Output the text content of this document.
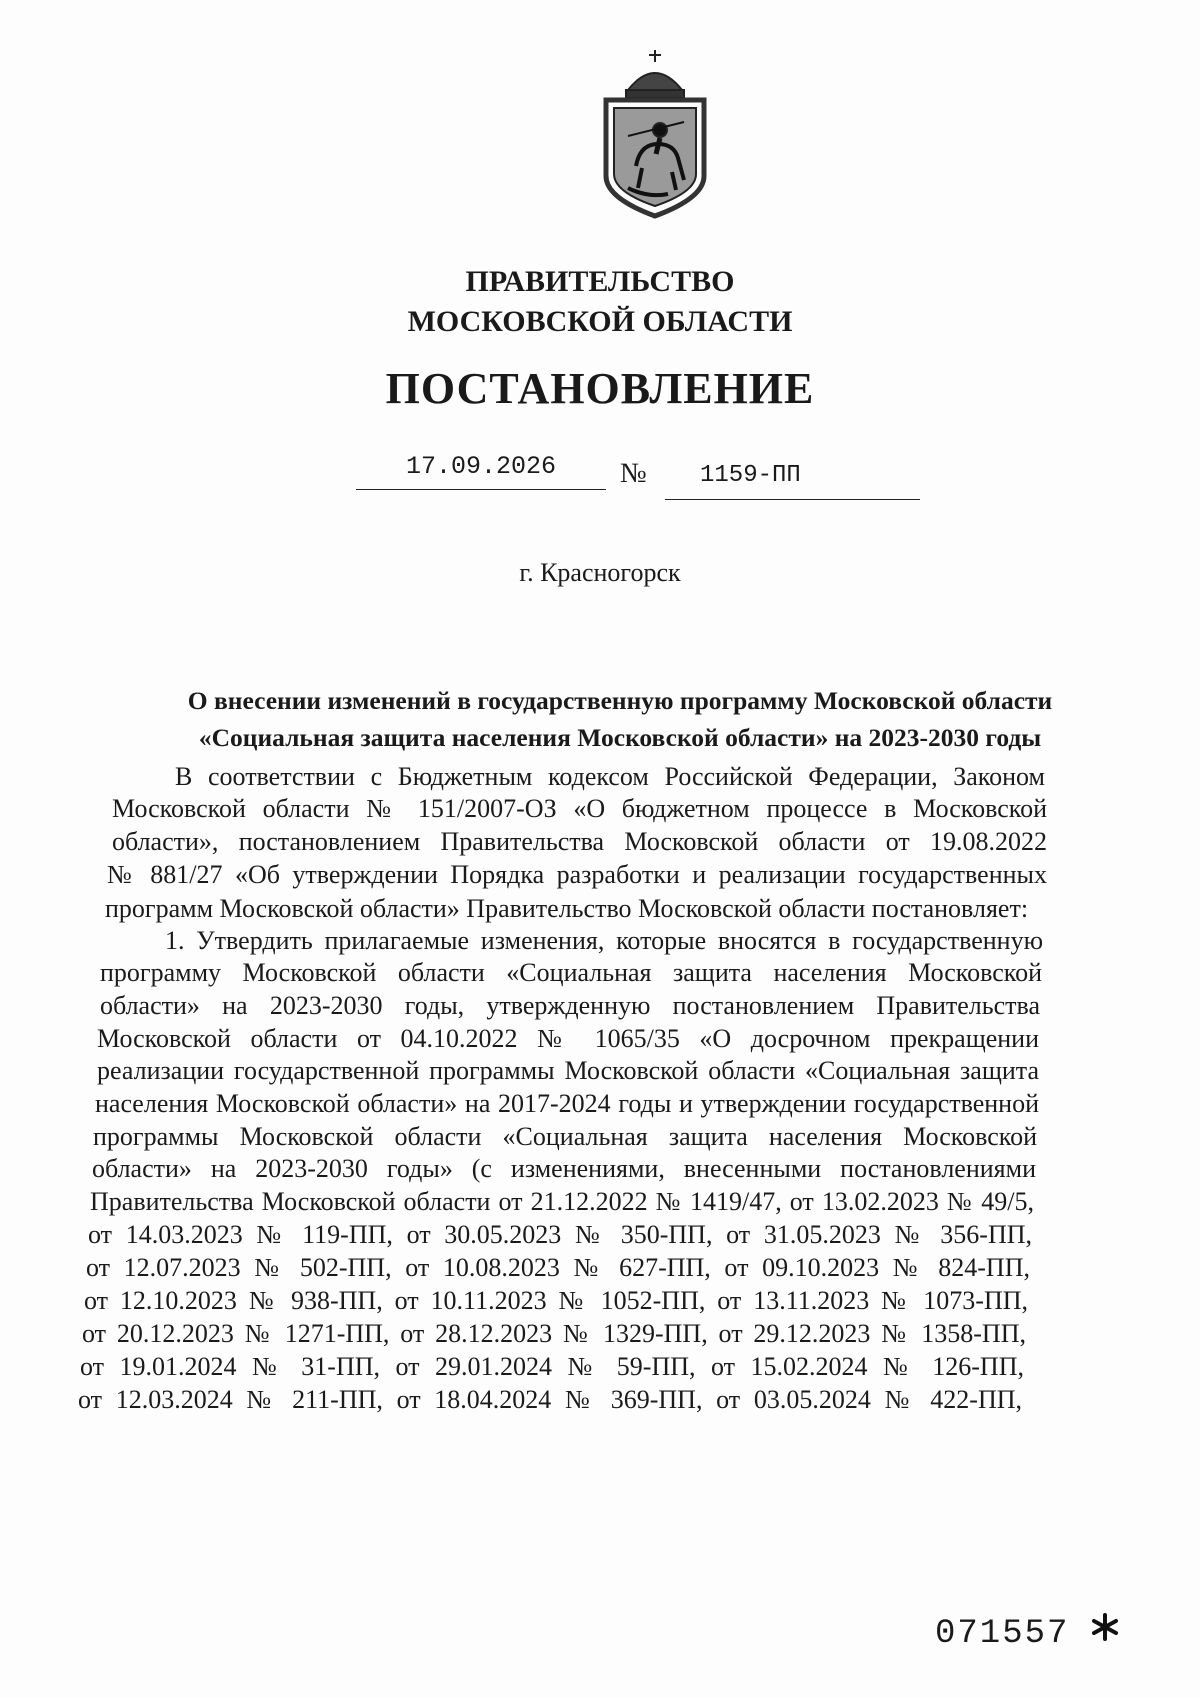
ПРАВИТЕЛЬСТВО
МОСКОВСКОЙ ОБЛАСТИ
ПОСТАНОВЛЕНИЕ
17.09.2026	№	1159-ПП
г. Красногорск
О внесении изменений в государственную программу Московской области
«Социальная защита населения Московской области» на 2023-2030 годы
В соответствии с Бюджетным кодексом Российской Федерации, Законом
Московской области № 151/2007-ОЗ «О бюджетном процессе в Московской
области», постановлением Правительства Московской области от 19.08.2022
№ 881/27 «Об утверждении Порядка разработки и реализации государственных
программ Московской области» Правительство Московской области постановляет:
1. Утвердить прилагаемые изменения, которые вносятся в государственную
программу Московской области «Социальная защита населения Московской
области» на 2023-2030 годы, утвержденную постановлением Правительства
Московской области от 04.10.2022 № 1065/35 «О досрочном прекращении
реализации государственной программы Московской области «Социальная защита
населения Московской области» на 2017-2024 годы и утверждении государственной
программы Московской области «Социальная защита населения Московской
области» на 2023-2030 годы» (с изменениями, внесенными постановлениями
Правительства Московской области от 21.12.2022 № 1419/47, от 13.02.2023 № 49/5,
от 14.03.2023 № 119-ПП, от 30.05.2023 № 350-ПП, от 31.05.2023 № 356-ПП,
от 12.07.2023 № 502-ПП, от 10.08.2023 № 627-ПП, от 09.10.2023 № 824-ПП,
от 12.10.2023 № 938-ПП, от 10.11.2023 № 1052-ПП, от 13.11.2023 № 1073-ПП,
от 20.12.2023 № 1271-ПП, от 28.12.2023 № 1329-ПП, от 29.12.2023 № 1358-ПП,
от 19.01.2024 № 31-ПП, от 29.01.2024 № 59-ПП, от 15.02.2024 № 126-ПП,
от 12.03.2024 № 211-ПП, от 18.04.2024 № 369-ПП, от 03.05.2024 № 422-ПП,
071557
